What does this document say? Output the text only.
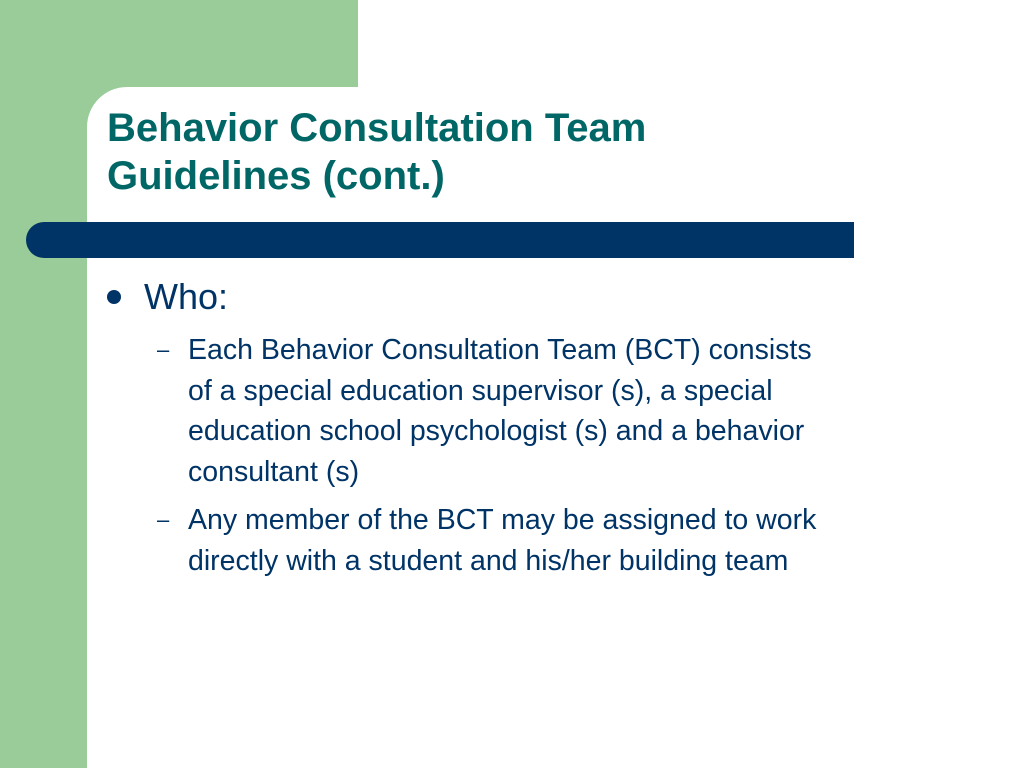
Behavior Consultation Team
Guidelines (cont.)
Who:
– Each Behavior Consultation Team (BCT) consists
of a special education supervisor (s), a special
education school psychologist (s) and a behavior
consultant (s)
– Any member of the BCT may be assigned to work
directly with a student and his/her building team
